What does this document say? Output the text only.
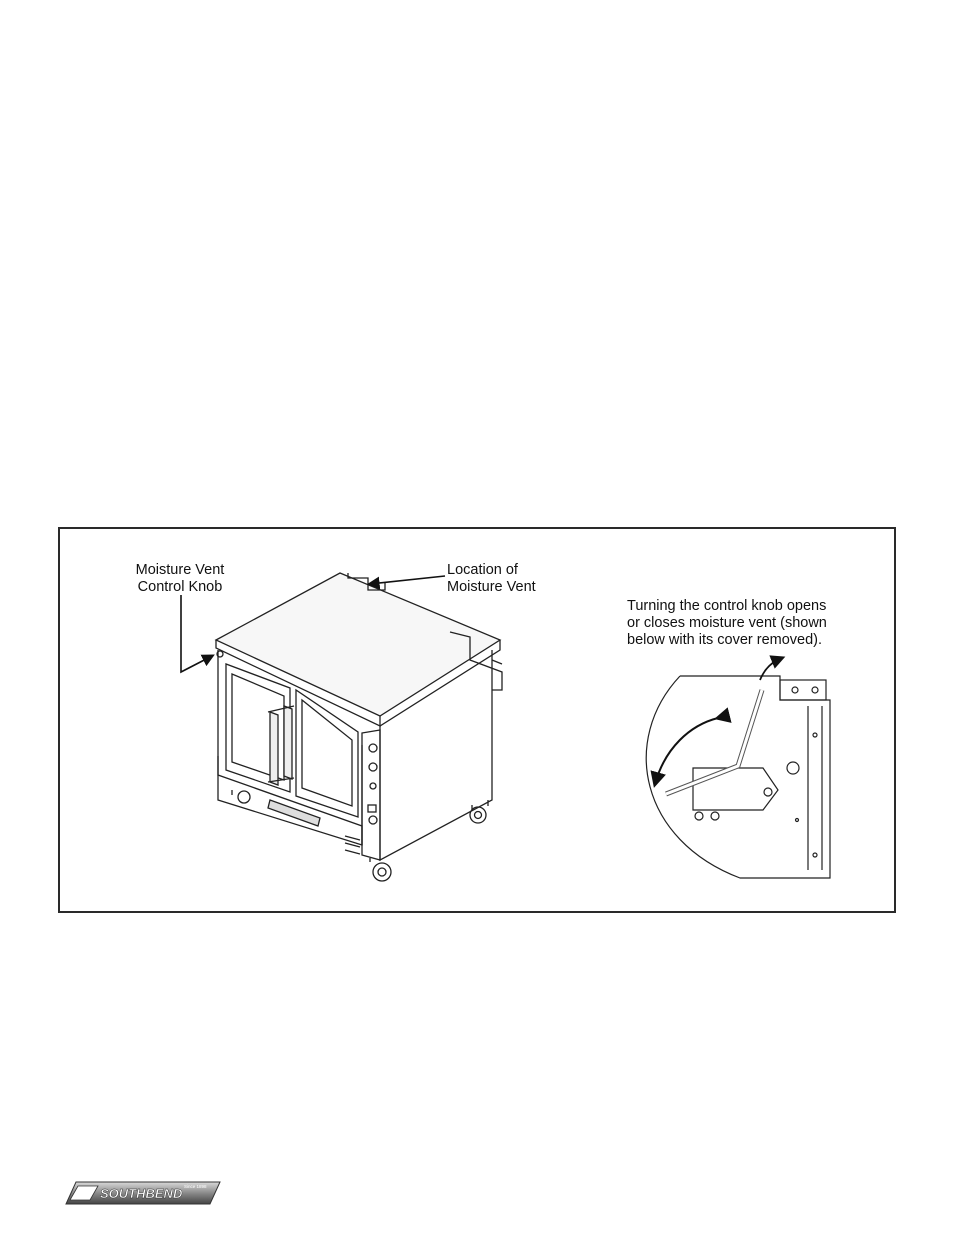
Moisture Vent
Control Knob
Location of
Moisture Vent
Turning the control knob opens
or closes moisture vent (shown
below with its cover removed).
SOUTHBEND Since 1898
